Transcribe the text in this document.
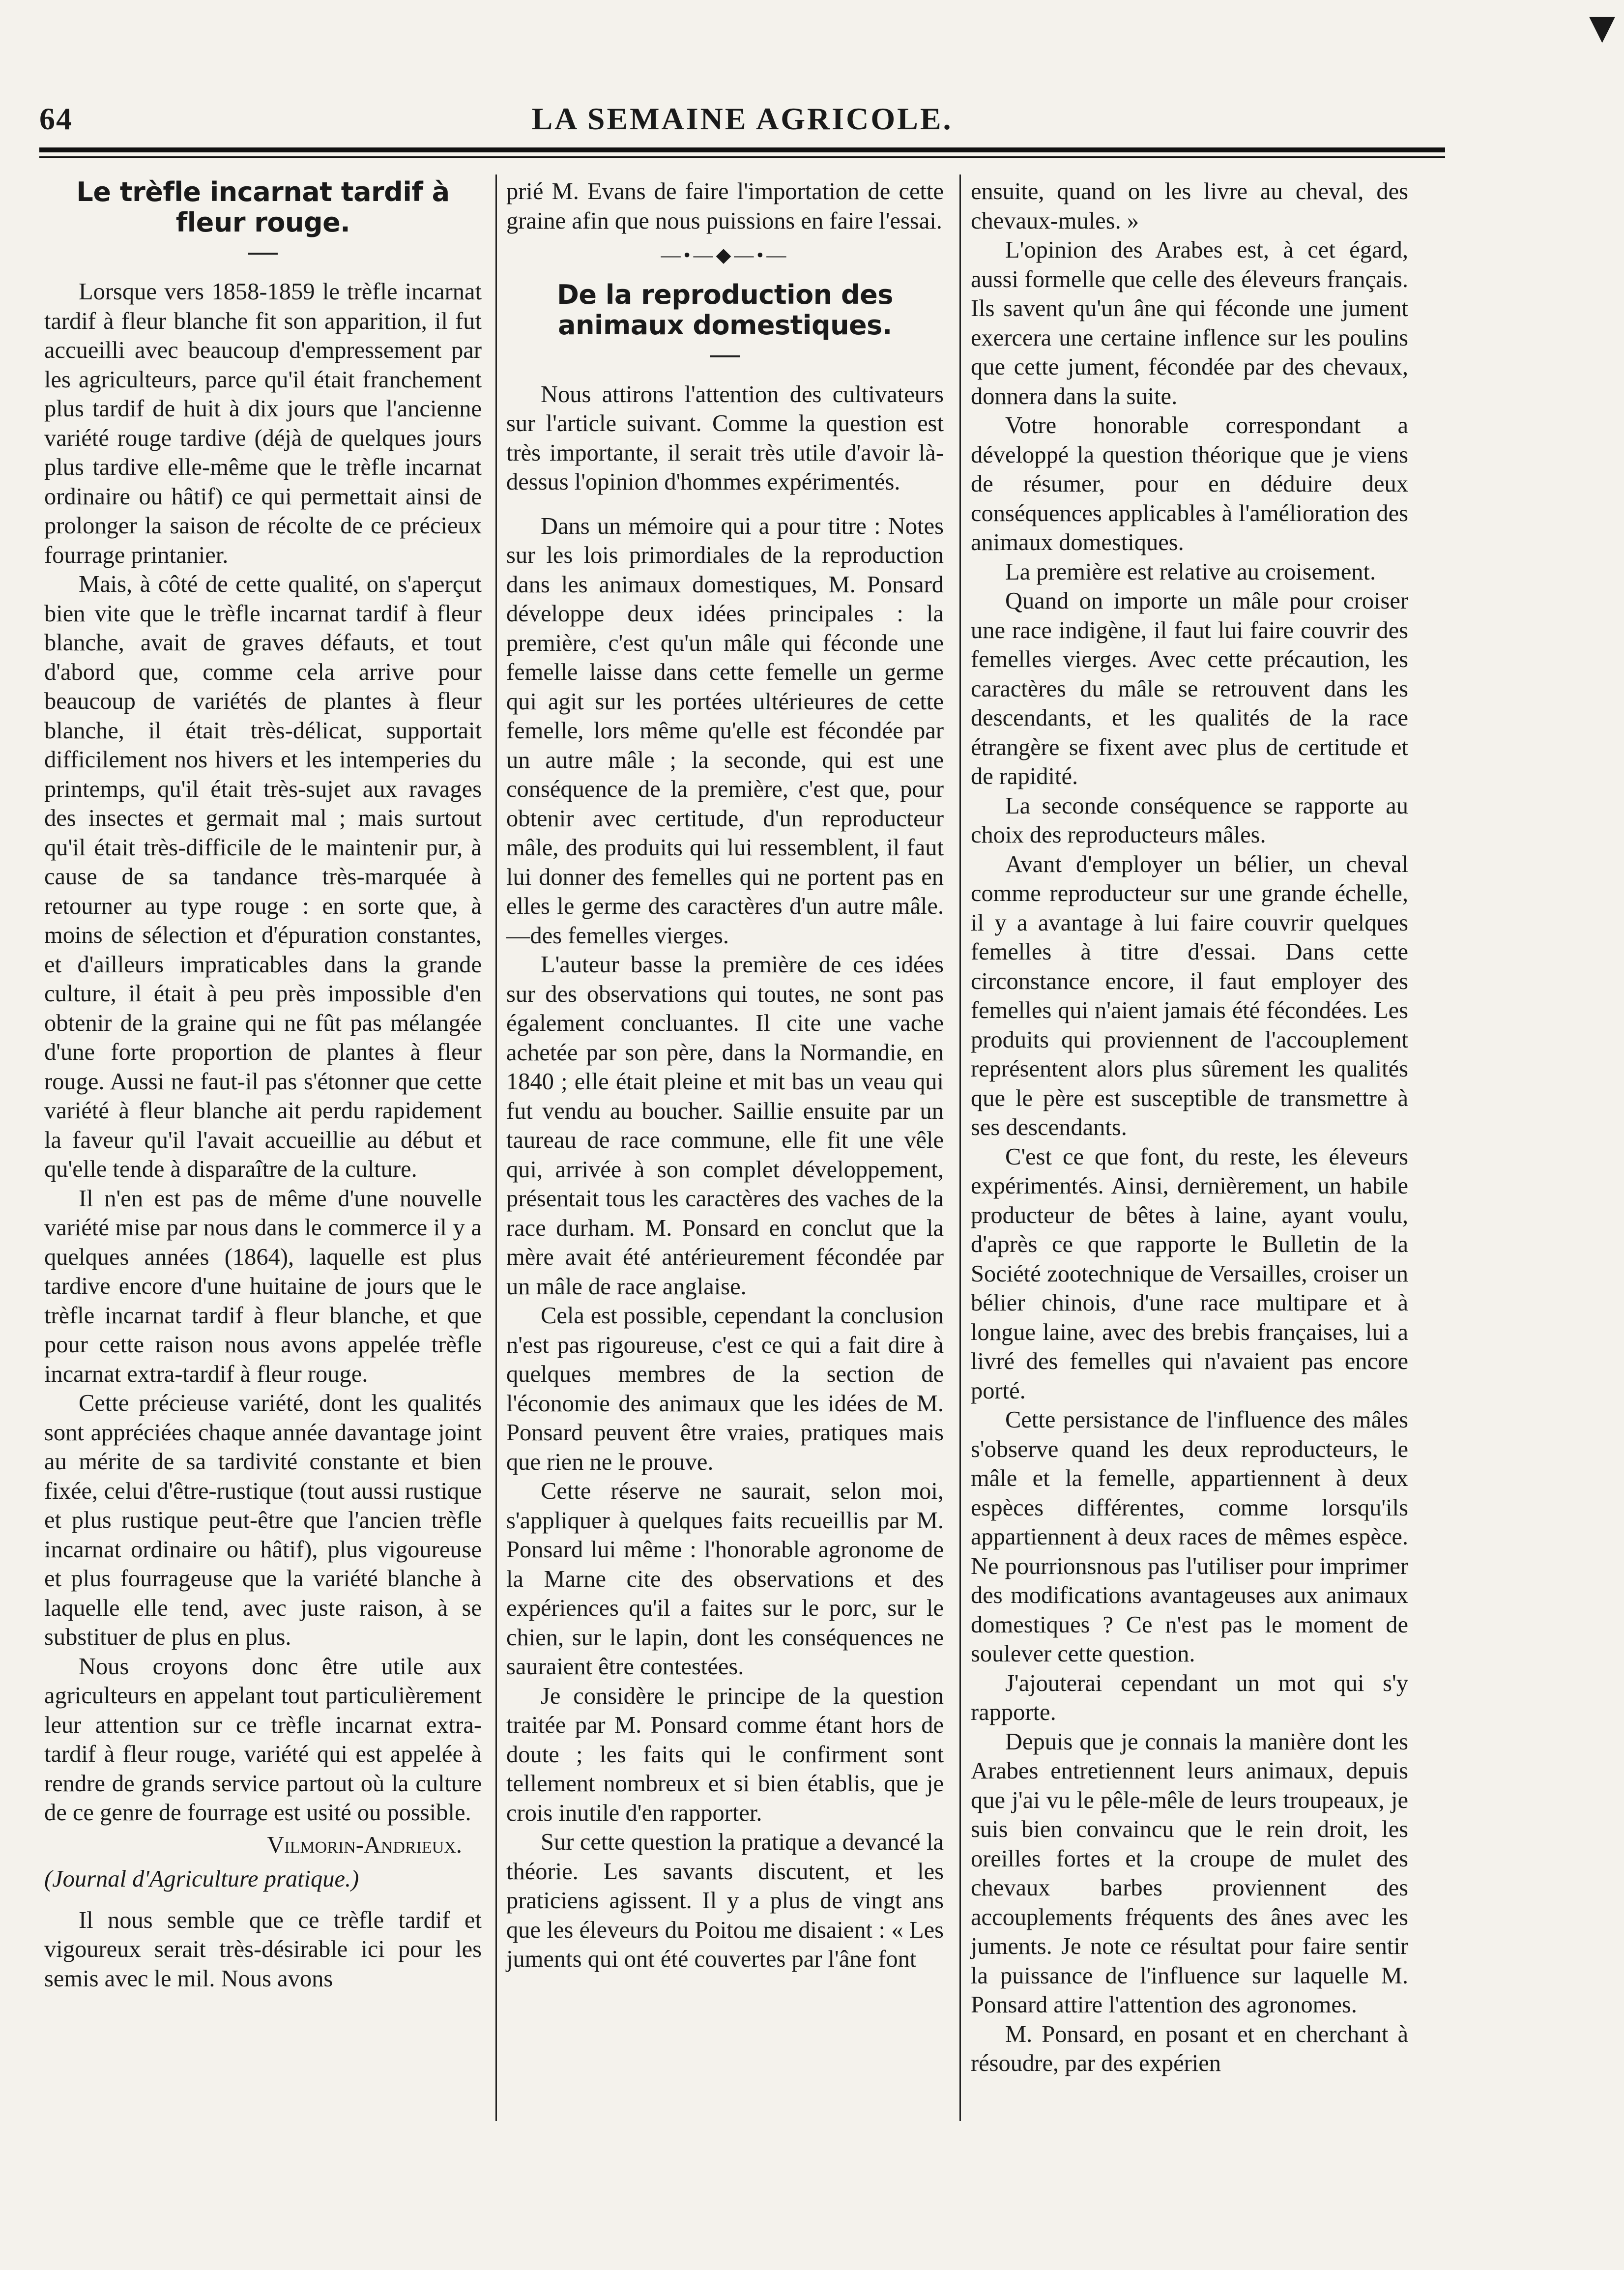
▼
64	LA SEMAINE AGRICOLE.
Le trèfle incarnat tardif à fleur rouge.

Lorsque vers 1858-1859 le trèfle incarnat tardif à fleur blanche fit son apparition, il fut accueilli avec beaucoup d'empressement par les agriculteurs, parce qu'il était franchement plus tardif de huit à dix jours que l'ancienne variété rouge tardive (déjà de quelques jours plus tardive elle-même que le trèfle incarnat ordinaire ou hâtif) ce qui permettait ainsi de prolonger la saison de récolte de ce précieux fourrage printanier.

Mais, à côté de cette qualité, on s'aperçut bien vite que le trèfle incarnat tardif à fleur blanche, avait de graves défauts, et tout d'abord que, comme cela arrive pour beaucoup de variétés de plantes à fleur blanche, il était très-délicat, supportait difficilement nos hivers et les intemperies du printemps, qu'il était très-sujet aux ravages des insectes et germait mal ; mais surtout qu'il était très-difficile de le maintenir pur, à cause de sa tandance très-marquée à retourner au type rouge : en sorte que, à moins de sélection et d'épuration constantes, et d'ailleurs impraticables dans la grande culture, il était à peu près impossible d'en obtenir de la graine qui ne fût pas mélangée d'une forte proportion de plantes à fleur rouge. Aussi ne faut-il pas s'étonner que cette variété à fleur blanche ait perdu rapidement la faveur qu'il l'avait accueillie au début et qu'elle tende à disparaître de la culture.

Il n'en est pas de même d'une nouvelle variété mise par nous dans le commerce il y a quelques années (1864), laquelle est plus tardive encore d'une huitaine de jours que le trèfle incarnat tardif à fleur blanche, et que pour cette raison nous avons appelée trèfle incarnat extra-tardif à fleur rouge.

Cette précieuse variété, dont les qualités sont appréciées chaque année davantage joint au mérite de sa tardivité constante et bien fixée, celui d'être-rustique (tout aussi rustique et plus rustique peut-être que l'ancien trèfle incarnat ordinaire ou hâtif), plus vigoureuse et plus fourrageuse que la variété blanche à laquelle elle tend, avec juste raison, à se substituer de plus en plus.

Nous croyons donc être utile aux agriculteurs en appelant tout particulièrement leur attention sur ce trèfle incarnat extra-tardif à fleur rouge, variété qui est appelée à rendre de grands service partout où la culture de ce genre de fourrage est usité ou possible.

Vilmorin-Andrieux.
(Journal d'Agriculture pratique.)

Il nous semble que ce trèfle tardif et vigoureux serait très-désirable ici pour les semis avec le mil. Nous avons

prié M. Evans de faire l'importation de cette graine afin que nous puissions en faire l'essai.

—•—◆—•—
De la reproduction des animaux domestiques.

Nous attirons l'attention des cultivateurs sur l'article suivant. Comme la question est très importante, il serait très utile d'avoir là-dessus l'opinion d'hommes expérimentés.

Dans un mémoire qui a pour titre : Notes sur les lois primordiales de la reproduction dans les animaux domestiques, M. Ponsard développe deux idées principales : la première, c'est qu'un mâle qui féconde une femelle laisse dans cette femelle un germe qui agit sur les portées ultérieures de cette femelle, lors même qu'elle est fécondée par un autre mâle ; la seconde, qui est une conséquence de la première, c'est que, pour obtenir avec certitude, d'un reproducteur mâle, des produits qui lui ressemblent, il faut lui donner des femelles qui ne portent pas en elles le germe des caractères d'un autre mâle.—des femelles vierges.

L'auteur basse la première de ces idées sur des observations qui toutes, ne sont pas également concluantes. Il cite une vache achetée par son père, dans la Normandie, en 1840 ; elle était pleine et mit bas un veau qui fut vendu au boucher. Saillie ensuite par un taureau de race commune, elle fit une vêle qui, arrivée à son complet développement, présentait tous les caractères des vaches de la race durham. M. Ponsard en conclut que la mère avait été antérieurement fécondée par un mâle de race anglaise.

Cela est possible, cependant la conclusion n'est pas rigoureuse, c'est ce qui a fait dire à quelques membres de la section de l'économie des animaux que les idées de M. Ponsard peuvent être vraies, pratiques mais que rien ne le prouve.

Cette réserve ne saurait, selon moi, s'appliquer à quelques faits recueillis par M. Ponsard lui même : l'honorable agronome de la Marne cite des observations et des expériences qu'il a faites sur le porc, sur le chien, sur le lapin, dont les conséquences ne sauraient être contestées.

Je considère le principe de la question traitée par M. Ponsard comme étant hors de doute ; les faits qui le confirment sont tellement nombreux et si bien établis, que je crois inutile d'en rapporter.

Sur cette question la pratique a devancé la théorie. Les savants discutent, et les praticiens agissent. Il y a plus de vingt ans que les éleveurs du Poitou me disaient : « Les juments qui ont été couvertes par l'âne font

ensuite, quand on les livre au cheval, des chevaux-mules. »

L'opinion des Arabes est, à cet égard, aussi formelle que celle des éleveurs français. Ils savent qu'un âne qui féconde une jument exercera une certaine inflence sur les poulins que cette jument, fécondée par des chevaux, donnera dans la suite.

Votre honorable correspondant a développé la question théorique que je viens de résumer, pour en déduire deux conséquences applicables à l'amélioration des animaux domestiques.

La première est relative au croisement.

Quand on importe un mâle pour croiser une race indigène, il faut lui faire couvrir des femelles vierges. Avec cette précaution, les caractères du mâle se retrouvent dans les descendants, et les qualités de la race étrangère se fixent avec plus de certitude et de rapidité.

La seconde conséquence se rapporte au choix des reproducteurs mâles.

Avant d'employer un bélier, un cheval comme reproducteur sur une grande échelle, il y a avantage à lui faire couvrir quelques femelles à titre d'essai. Dans cette circonstance encore, il faut employer des femelles qui n'aient jamais été fécondées. Les produits qui proviennent de l'accouplement représentent alors plus sûrement les qualités que le père est susceptible de transmettre à ses descendants.

C'est ce que font, du reste, les éleveurs expérimentés. Ainsi, dernièrement, un habile producteur de bêtes à laine, ayant voulu, d'après ce que rapporte le Bulletin de la Société zootechnique de Versailles, croiser un bélier chinois, d'une race multipare et à longue laine, avec des brebis françaises, lui a livré des femelles qui n'avaient pas encore porté.

Cette persistance de l'influence des mâles s'observe quand les deux reproducteurs, le mâle et la femelle, appartiennent à deux espèces différentes, comme lorsqu'ils appartiennent à deux races de mêmes espèce. Ne pourrionsnous pas l'utiliser pour imprimer des modifications avantageuses aux animaux domestiques ? Ce n'est pas le moment de soulever cette question.

J'ajouterai cependant un mot qui s'y rapporte.

Depuis que je connais la manière dont les Arabes entretiennent leurs animaux, depuis que j'ai vu le pêle-mêle de leurs troupeaux, je suis bien convaincu que le rein droit, les oreilles fortes et la croupe de mulet des chevaux barbes proviennent des accouplements fréquents des ânes avec les juments. Je note ce résultat pour faire sentir la puissance de l'influence sur laquelle M. Ponsard attire l'attention des agronomes.

M. Ponsard, en posant et en cherchant à résoudre, par des expérien
